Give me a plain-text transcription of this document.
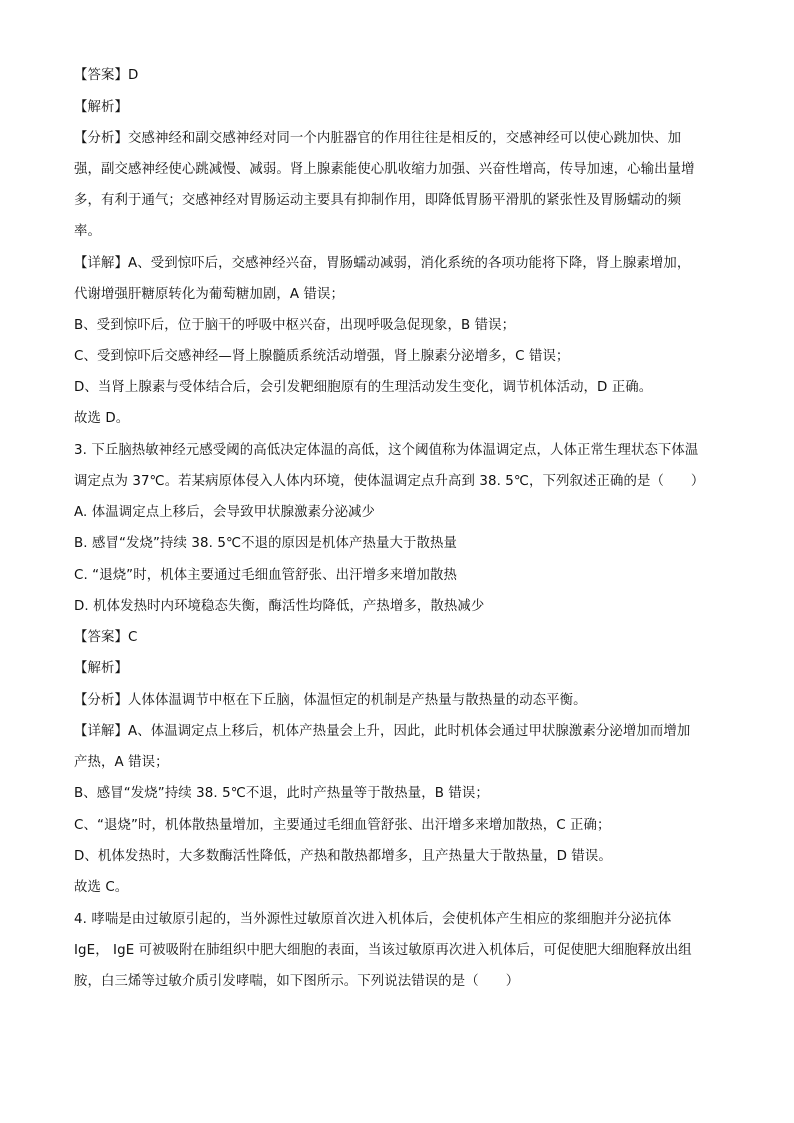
【答案】D
【解析】
【分析】交感神经和副交感神经对同一个内脏器官的作用往往是相反的，交感神经可以使心跳加快、加
强，副交感神经使心跳减慢、减弱。肾上腺素能使心肌收缩力加强、兴奋性增高，传导加速，心输出量增
多，有利于通气；交感神经对胃肠运动主要具有抑制作用，即降低胃肠平滑肌的紧张性及胃肠蠕动的频
率。
【详解】A、受到惊吓后，交感神经兴奋，胃肠蠕动减弱，消化系统的各项功能将下降，肾上腺素增加，
代谢增强肝糖原转化为葡萄糖加剧，A 错误；
B、受到惊吓后，位于脑干的呼吸中枢兴奋，出现呼吸急促现象，B 错误；
C、受到惊吓后交感神经—肾上腺髓质系统活动增强，肾上腺素分泌增多，C 错误；
D、当肾上腺素与受体结合后，会引发靶细胞原有的生理活动发生变化，调节机体活动，D 正确。
故选 D。
3. 下丘脑热敏神经元感受阈的高低决定体温的高低，这个阈值称为体温调定点，人体正常生理状态下体温
调定点为 37℃。若某病原体侵入人体内环境，使体温调定点升高到 38. 5℃，下列叙述正确的是（　　）
A. 体温调定点上移后，会导致甲状腺激素分泌减少
B. 感冒“发烧”持续 38. 5℃不退的原因是机体产热量大于散热量
C. “退烧”时，机体主要通过毛细血管舒张、出汗增多来增加散热
D. 机体发热时内环境稳态失衡，酶活性均降低，产热增多，散热减少
【答案】C
【解析】
【分析】人体体温调节中枢在下丘脑，体温恒定的机制是产热量与散热量的动态平衡。
【详解】A、体温调定点上移后，机体产热量会上升，因此，此时机体会通过甲状腺激素分泌增加而增加
产热，A 错误；
B、感冒“发烧”持续 38. 5℃不退，此时产热量等于散热量，B 错误；
C、“退烧”时，机体散热量增加，主要通过毛细血管舒张、出汗增多来增加散热，C 正确；
D、机体发热时，大多数酶活性降低，产热和散热都增多，且产热量大于散热量，D 错误。
故选 C。
4. 哮喘是由过敏原引起的，当外源性过敏原首次进入机体后，会使机体产生相应的浆细胞并分泌抗体
IgE， IgE 可被吸附在肺组织中肥大细胞的表面，当该过敏原再次进入机体后，可促使肥大细胞释放出组
胺，白三烯等过敏介质引发哮喘，如下图所示。下列说法错误的是（　　）
